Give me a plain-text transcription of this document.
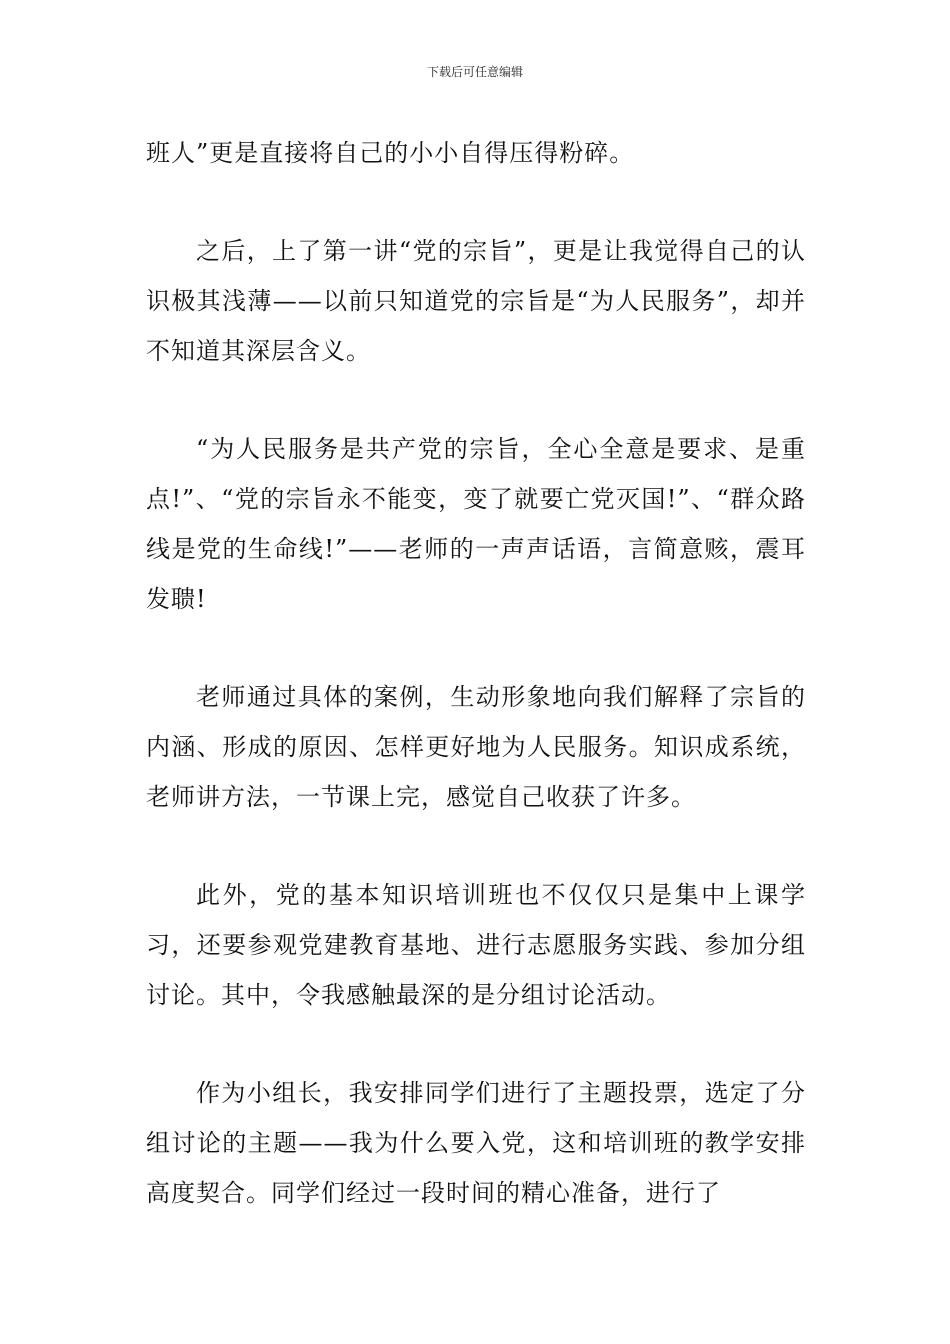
下载后可任意编辑

班人”更是直接将自己的小小自得压得粉碎。

之后，上了第一讲“党的宗旨”，更是让我觉得自己的认识极其浅薄——以前只知道党的宗旨是“为人民服务”，却并不知道其深层含义。

“为人民服务是共产党的宗旨，全心全意是要求、是重点!”、“党的宗旨永不能变，变了就要亡党灭国!”、“群众路线是党的生命线!”——老师的一声声话语，言简意赅，震耳发聩!

老师通过具体的案例，生动形象地向我们解释了宗旨的内涵、形成的原因、怎样更好地为人民服务。知识成系统，老师讲方法，一节课上完，感觉自己收获了许多。

此外，党的基本知识培训班也不仅仅只是集中上课学习，还要参观党建教育基地、进行志愿服务实践、参加分组讨论。其中，令我感触最深的是分组讨论活动。

作为小组长，我安排同学们进行了主题投票，选定了分组讨论的主题——我为什么要入党，这和培训班的教学安排高度契合。同学们经过一段时间的精心准备，进行了
